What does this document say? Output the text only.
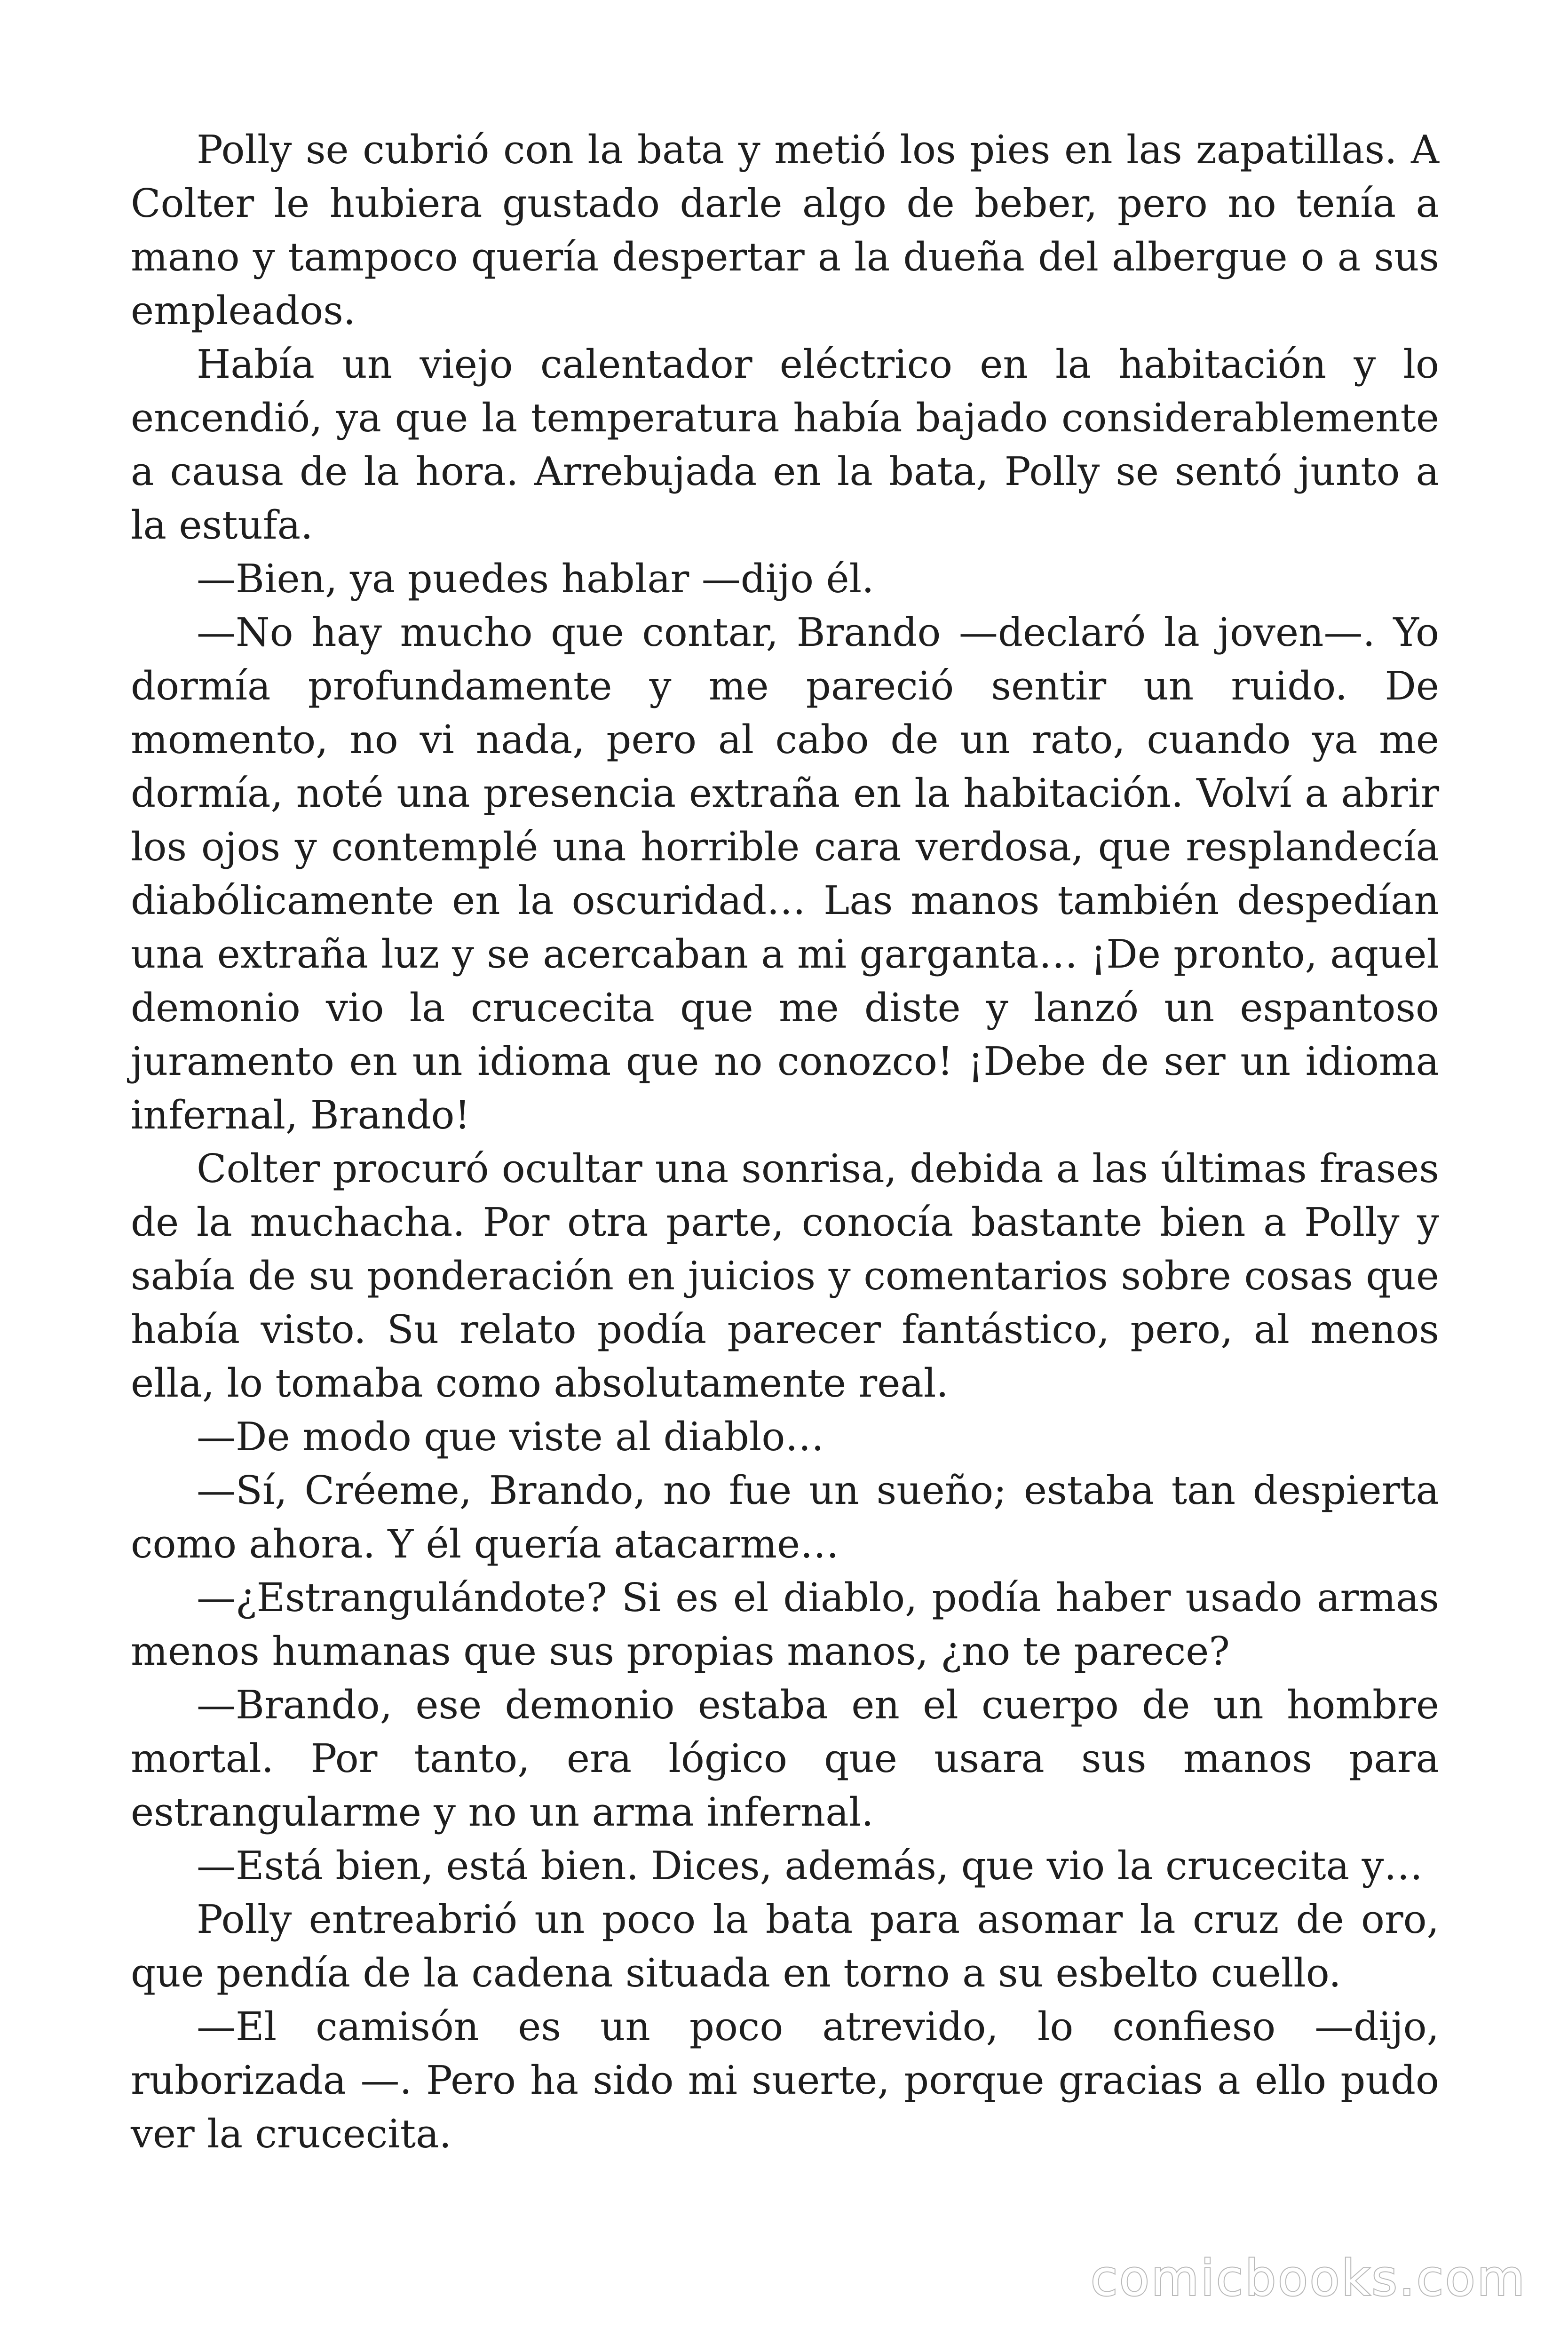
Polly se cubrió con la bata y metió los pies en las zapatillas. A Colter le hubiera gustado darle algo de beber, pero no tenía a mano y tampoco quería despertar a la dueña del albergue o a sus empleados.

Había un viejo calentador eléctrico en la habitación y lo encendió, ya que la temperatura había bajado considerablemente a causa de la hora. Arrebujada en la bata, Polly se sentó junto a la estufa.

—Bien, ya puedes hablar —dijo él.

—No hay mucho que contar, Brando —declaró la joven—. Yo dormía profundamente y me pareció sentir un ruido. De momento, no vi nada, pero al cabo de un rato, cuando ya me dormía, noté una presencia extraña en la habitación. Volví a abrir los ojos y contemplé una horrible cara verdosa, que resplandecía diabólicamente en la oscuridad… Las manos también despedían una extraña luz y se acercaban a mi garganta… ¡De pronto, aquel demonio vio la crucecita que me diste y lanzó un espantoso juramento en un idioma que no conozco! ¡Debe de ser un idioma infernal, Brando!

Colter procuró ocultar una sonrisa, debida a las últimas frases de la muchacha. Por otra parte, conocía bastante bien a Polly y sabía de su ponderación en juicios y comentarios sobre cosas que había visto. Su relato podía parecer fantástico, pero, al menos ella, lo tomaba como absolutamente real.

—De modo que viste al diablo…

—Sí, Créeme, Brando, no fue un sueño; estaba tan despierta como ahora. Y él quería atacarme…

—¿Estrangulándote? Si es el diablo, podía haber usado armas menos humanas que sus propias manos, ¿no te parece?

—Brando, ese demonio estaba en el cuerpo de un hombre mortal. Por tanto, era lógico que usara sus manos para estrangularme y no un arma infernal.

—Está bien, está bien. Dices, además, que vio la crucecita y…

Polly entreabrió un poco la bata para asomar la cruz de oro, que pendía de la cadena situada en torno a su esbelto cuello.

—El camisón es un poco atrevido, lo confieso —dijo, ruborizada —. Pero ha sido mi suerte, porque gracias a ello pudo ver la crucecita.

comicbooks.com
